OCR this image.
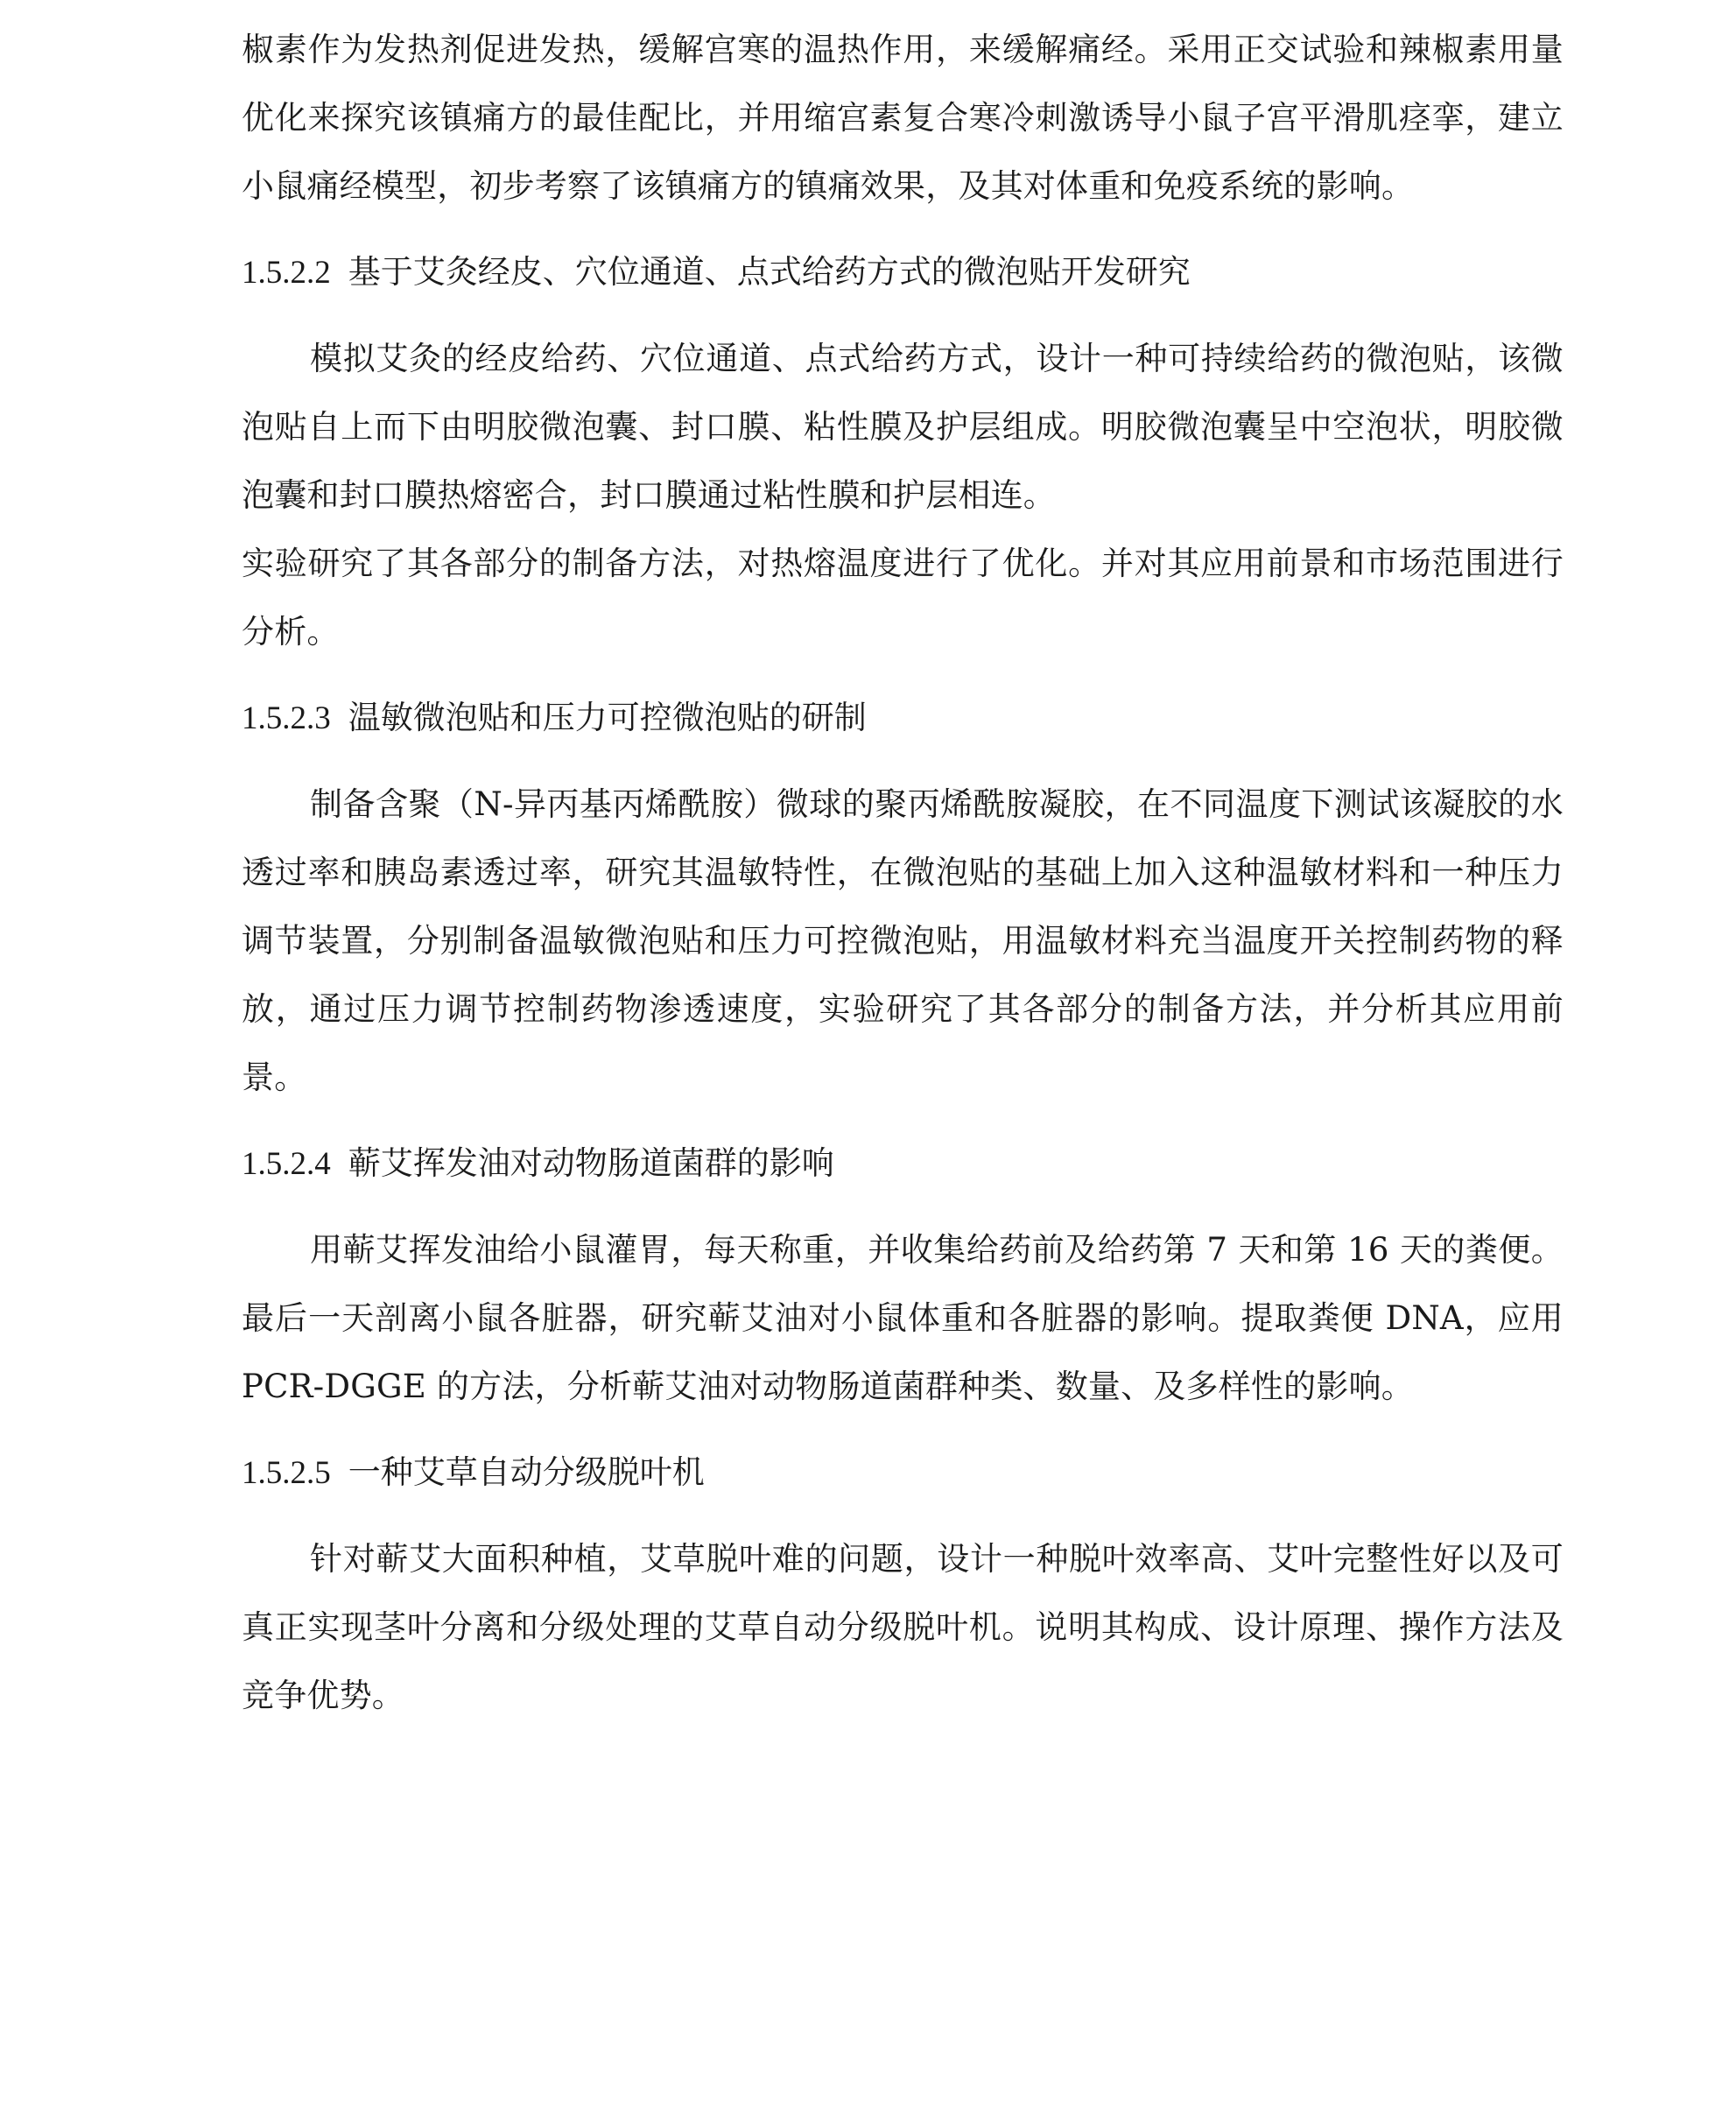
椒素作为发热剂促进发热，缓解宫寒的温热作用，来缓解痛经。采用正交试验和辣椒素用量优化来探究该镇痛方的最佳配比，并用缩宫素复合寒冷刺激诱导小鼠子宫平滑肌痉挛，建立小鼠痛经模型，初步考察了该镇痛方的镇痛效果，及其对体重和免疫系统的影响。

1.5.2.2 基于艾灸经皮、穴位通道、点式给药方式的微泡贴开发研究

模拟艾灸的经皮给药、穴位通道、点式给药方式，设计一种可持续给药的微泡贴，该微泡贴自上而下由明胶微泡囊、封口膜、粘性膜及护层组成。明胶微泡囊呈中空泡状，明胶微泡囊和封口膜热熔密合，封口膜通过粘性膜和护层相连。

实验研究了其各部分的制备方法，对热熔温度进行了优化。并对其应用前景和市场范围进行分析。

1.5.2.3 温敏微泡贴和压力可控微泡贴的研制

制备含聚（N-异丙基丙烯酰胺）微球的聚丙烯酰胺凝胶，在不同温度下测试该凝胶的水透过率和胰岛素透过率，研究其温敏特性，在微泡贴的基础上加入这种温敏材料和一种压力调节装置，分别制备温敏微泡贴和压力可控微泡贴，用温敏材料充当温度开关控制药物的释放，通过压力调节控制药物渗透速度，实验研究了其各部分的制备方法，并分析其应用前景。

1.5.2.4 蕲艾挥发油对动物肠道菌群的影响

用蕲艾挥发油给小鼠灌胃，每天称重，并收集给药前及给药第 7 天和第 16 天的粪便。最后一天剖离小鼠各脏器，研究蕲艾油对小鼠体重和各脏器的影响。提取粪便 DNA，应用 PCR-DGGE 的方法，分析蕲艾油对动物肠道菌群种类、数量、及多样性的影响。

1.5.2.5 一种艾草自动分级脱叶机

针对蕲艾大面积种植，艾草脱叶难的问题，设计一种脱叶效率高、艾叶完整性好以及可真正实现茎叶分离和分级处理的艾草自动分级脱叶机。说明其构成、设计原理、操作方法及竞争优势。
